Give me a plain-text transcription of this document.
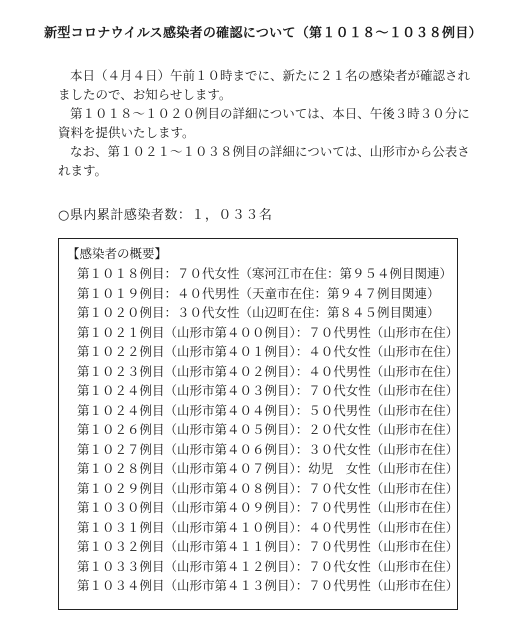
新型コロナウイルス感染者の確認について（第１０１８～１０３８例目）

本日（４月４日）午前１０時までに、新たに２１名の感染者が確認されましたので、お知らせします。

第１０１８～１０２０例目の詳細については、本日、午後３時３０分に資料を提供いたします。

なお、第１０２１～１０３８例目の詳細については、山形市から公表されます。

○県内累計感染者数：１，０３３名
【感染者の概要】
第１０１８例目：７０代女性（寒河江市在住：第９５４例目関連）
第１０１９例目：４０代男性（天童市在住：第９４７例目関連）
第１０２０例目：３０代女性（山辺町在住：第８４５例目関連）
第１０２１例目（山形市第４００例目）：７０代男性（山形市在住）
第１０２２例目（山形市第４０１例目）：４０代女性（山形市在住）
第１０２３例目（山形市第４０２例目）：４０代男性（山形市在住）
第１０２４例目（山形市第４０３例目）：７０代女性（山形市在住）
第１０２４例目（山形市第４０４例目）：５０代男性（山形市在住）
第１０２６例目（山形市第４０５例目）：２０代女性（山形市在住）
第１０２７例目（山形市第４０６例目）：３０代女性（山形市在住）
第１０２８例目（山形市第４０７例目）：幼児　女性（山形市在住）
第１０２９例目（山形市第４０８例目）：７０代女性（山形市在住）
第１０３０例目（山形市第４０９例目）：７０代男性（山形市在住）
第１０３１例目（山形市第４１０例目）：４０代男性（山形市在住）
第１０３２例目（山形市第４１１例目）：７０代男性（山形市在住）
第１０３３例目（山形市第４１２例目）：７０代女性（山形市在住）
第１０３４例目（山形市第４１３例目）：７０代男性（山形市在住）
